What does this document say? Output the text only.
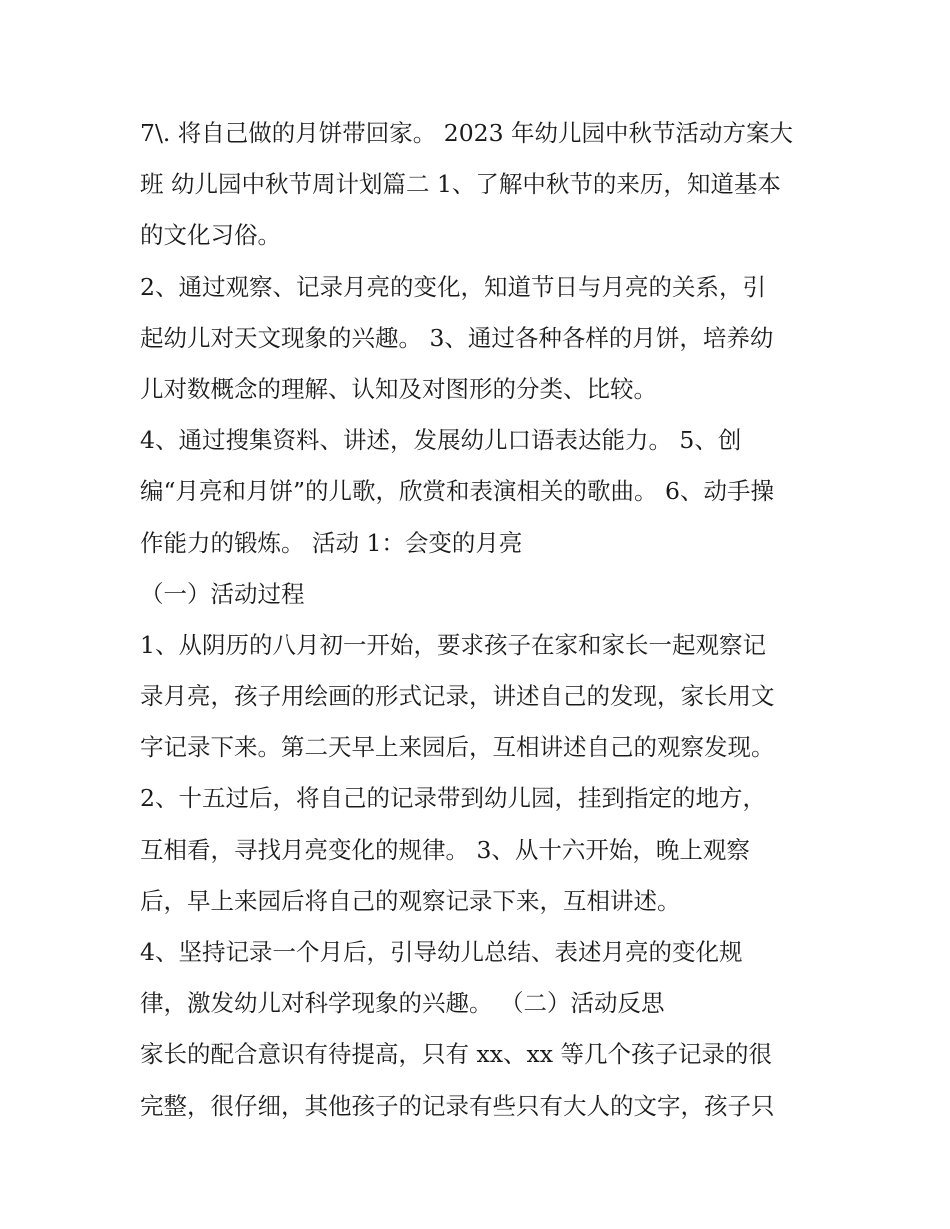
7\. 将自己做的月饼带回家。 2023 年幼儿园中秋节活动方案大

班 幼儿园中秋节周计划篇二 1、了解中秋节的来历，知道基本

的文化习俗。

2、通过观察、记录月亮的变化，知道节日与月亮的关系，引

起幼儿对天文现象的兴趣。 3、通过各种各样的月饼，培养幼

儿对数概念的理解、认知及对图形的分类、比较。

4、通过搜集资料、讲述，发展幼儿口语表达能力。 5、创

编“月亮和月饼”的儿歌，欣赏和表演相关的歌曲。 6、动手操

作能力的锻炼。 活动 1：会变的月亮

（一）活动过程

1、从阴历的八月初一开始，要求孩子在家和家长一起观察记

录月亮，孩子用绘画的形式记录，讲述自己的发现，家长用文

字记录下来。第二天早上来园后，互相讲述自己的观察发现。

2、十五过后，将自己的记录带到幼儿园，挂到指定的地方，

互相看，寻找月亮变化的规律。 3、从十六开始，晚上观察

后，早上来园后将自己的观察记录下来，互相讲述。

4、坚持记录一个月后，引导幼儿总结、表述月亮的变化规

律，激发幼儿对科学现象的兴趣。 （二）活动反思

家长的配合意识有待提高，只有 xx、xx 等几个孩子记录的很

完整，很仔细，其他孩子的记录有些只有大人的文字，孩子只
